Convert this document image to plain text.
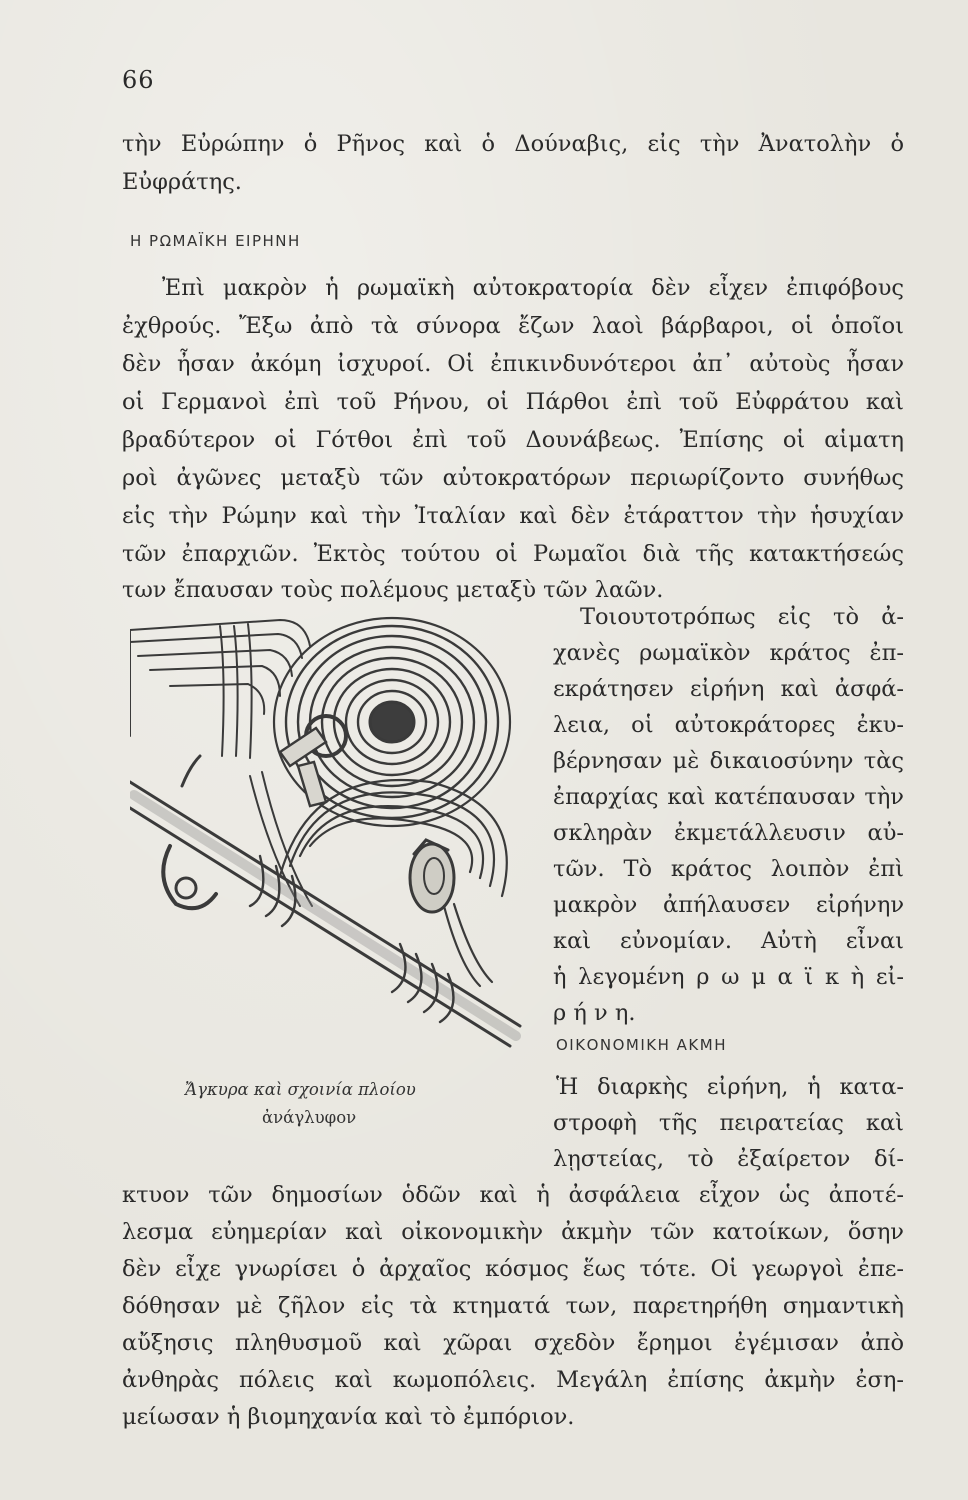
66
τὴν Εὐρώπην ὁ Ρῆνος καὶ ὁ Δούναβις, εἰς τὴν Ἀνατολὴν ὁ
Εὐφράτης.
Η ΡΩΜΑΪΚΗ ΕΙΡΗΝΗ
Ἐπὶ μακρὸν ἡ ρωμαϊκὴ αὐτοκρατορία δὲν εἶχεν ἐπιφόβους
ἐχθρούς. Ἔξω ἀπὸ τὰ σύνορα ἔζων λαοὶ βάρβαροι, οἱ ὁποῖοι
δὲν ἦσαν ἀκόμη ἰσχυροί. Οἱ ἐπικινδυνότεροι ἀπ᾽ αὐτοὺς ἦσαν
οἱ Γερμανοὶ ἐπὶ τοῦ Ρήνου, οἱ Πάρθοι ἐπὶ τοῦ Εὐφράτου καὶ
βραδύτερον οἱ Γότθοι ἐπὶ τοῦ Δουνάβεως. Ἐπίσης οἱ αἱματη
ροὶ ἀγῶνες μεταξὺ τῶν αὐτοκρατόρων περιωρίζοντο συνήθως
εἰς τὴν Ρώμην καὶ τὴν Ἰταλίαν καὶ δὲν ἐτάραττον τὴν ἡσυχίαν
τῶν ἐπαρχιῶν. Ἐκτὸς τούτου οἱ Ρωμαῖοι διὰ τῆς κατακτήσεώς
των ἔπαυσαν τοὺς πολέμους μεταξὺ τῶν λαῶν.
Τοιουτοτρόπως εἰς τὸ ἀ-
χανὲς ρωμαϊκὸν κράτος ἐπ-
εκράτησεν εἰρήνη καὶ ἀσφά-
λεια, οἱ αὐτοκράτορες ἐκυ-
βέρνησαν μὲ δικαιοσύνην τὰς
ἐπαρχίας καὶ κατέπαυσαν τὴν
σκληρὰν ἐκμετάλλευσιν αὐ-
τῶν. Τὸ κράτος λοιπὸν ἐπὶ
μακρὸν ἀπήλαυσεν εἰρήνην
καὶ εὐνομίαν. Αὐτὴ εἶναι
ἡ λεγομένη ρ ω μ α ϊ κ ὴ εἰ-
ρ ή ν η.
Ἄγκυρα καὶ σχοινία πλοίου
ἀνάγλυφον
ΟΙΚΟΝΟΜΙΚΗ ΑΚΜΗ
Ἡ διαρκὴς εἰρήνη, ἡ κατα-
στροφὴ τῆς πειρατείας καὶ
λῃστείας, τὸ ἐξαίρετον δί-
κτυον τῶν δημοσίων ὁδῶν καὶ ἡ ἀσφάλεια εἶχον ὡς ἀποτέ-
λεσμα εὐημερίαν καὶ οἰκονομικὴν ἀκμὴν τῶν κατοίκων, ὅσην
δὲν εἶχε γνωρίσει ὁ ἀρχαῖος κόσμος ἕως τότε. Οἱ γεωργοὶ ἐπε-
δόθησαν μὲ ζῆλον εἰς τὰ κτηματά των, παρετηρήθη σημαντικὴ
αὔξησις πληθυσμοῦ καὶ χῶραι σχεδὸν ἔρημοι ἐγέμισαν ἀπὸ
ἀνθηρὰς πόλεις καὶ κωμοπόλεις. Μεγάλη ἐπίσης ἀκμὴν ἐση-
μείωσαν ἡ βιομηχανία καὶ τὸ ἐμπόριον.
